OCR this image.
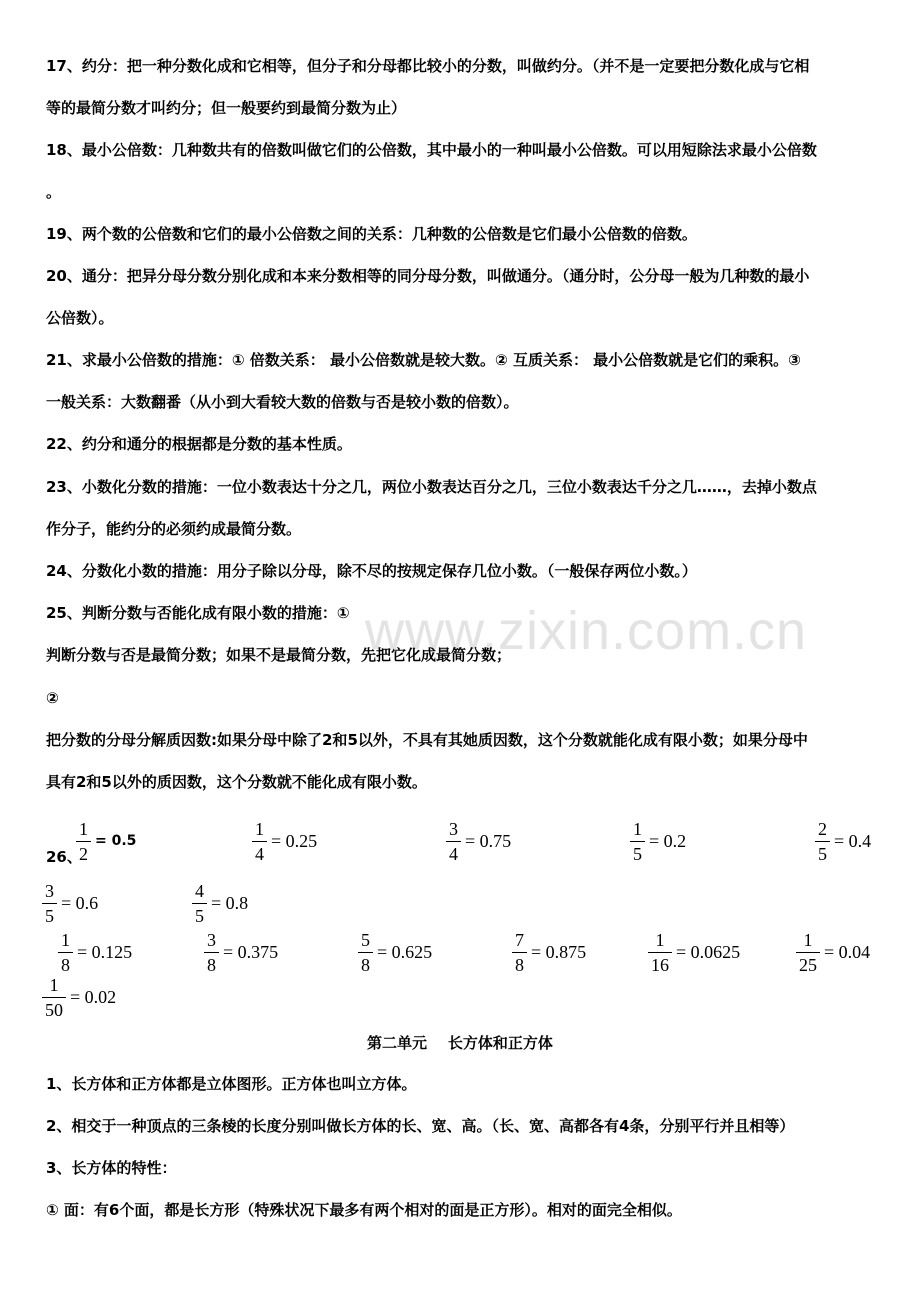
www.zixin.com.cn
17、约分：把一种分数化成和它相等，但分子和分母都比较小的分数，叫做约分。（并不是一定要把分数化成与它相
等的最简分数才叫约分；但一般要约到最简分数为止）
18、最小公倍数：几种数共有的倍数叫做它们的公倍数，其中最小的一种叫最小公倍数。可以用短除法求最小公倍数
。
19、两个数的公倍数和它们的最小公倍数之间的关系：几种数的公倍数是它们最小公倍数的倍数。
20、通分：把异分母分数分别化成和本来分数相等的同分母分数，叫做通分。（通分时，公分母一般为几种数的最小
公倍数）。
21、求最小公倍数的措施：① 倍数关系： 最小公倍数就是较大数。② 互质关系： 最小公倍数就是它们的乘积。③
一般关系：大数翻番（从小到大看较大数的倍数与否是较小数的倍数）。
22、约分和通分的根据都是分数的基本性质。
23、小数化分数的措施：一位小数表达十分之几，两位小数表达百分之几，三位小数表达千分之几……，去掉小数点
作分子，能约分的必须约成最简分数。
24、分数化小数的措施：用分子除以分母，除不尽的按规定保存几位小数。（一般保存两位小数。）
25、判断分数与否能化成有限小数的措施：①
判断分数与否是最简分数；如果不是最简分数，先把它化成最简分数；
②
把分数的分母分解质因数:如果分母中除了2和5以外，不具有其她质因数，这个分数就能化成有限小数；如果分母中
具有2和5以外的质因数，这个分数就不能化成有限小数。
26、
$\frac{1}{2} = 0.5$	$\frac{1}{4} = 0.25$	$\frac{3}{4} = 0.75$	$\frac{1}{5} = 0.2$	$\frac{2}{5} = 0.4$
$\frac{3}{5} = 0.6$	$\frac{4}{5} = 0.8$
$\frac{1}{8} = 0.125$	$\frac{3}{8} = 0.375$	$\frac{5}{8} = 0.625$	$\frac{7}{8} = 0.875$	$\frac{1}{16} = 0.0625$	$\frac{1}{25} = 0.04$
$\frac{1}{50} = 0.02$
第二单元    长方体和正方体
1、长方体和正方体都是立体图形。正方体也叫立方体。
2、相交于一种顶点的三条棱的长度分别叫做长方体的长、宽、高。（长、宽、高都各有4条，分别平行并且相等）
3、长方体的特性：
① 面：有6个面，都是长方形（特殊状况下最多有两个相对的面是正方形）。相对的面完全相似。
